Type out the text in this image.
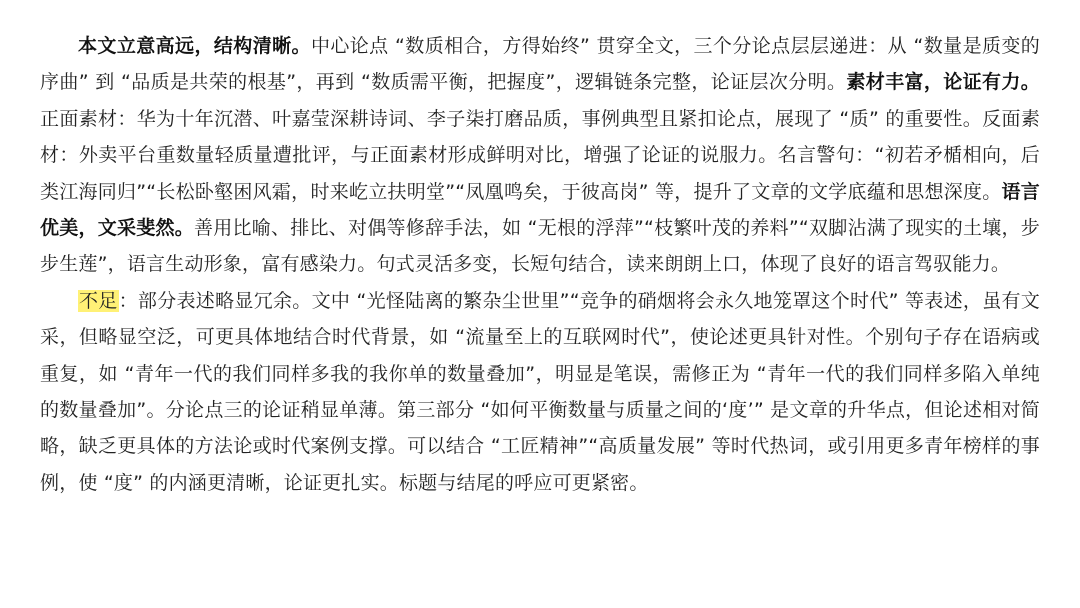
本文立意高远，结构清晰。中心论点 “数质相合，方得始终” 贯穿全文，三个分论点层层递进：从 “数量是质变的序曲” 到 “品质是共荣的根基”，再到 “数质需平衡，把握度”，逻辑链条完整，论证层次分明。素材丰富，论证有力。正面素材：华为十年沉潜、叶嘉莹深耕诗词、李子柒打磨品质，事例典型且紧扣论点，展现了 “质” 的重要性。反面素材：外卖平台重数量轻质量遭批评，与正面素材形成鲜明对比，增强了论证的说服力。名言警句：“初若矛楯相向，后类江海同归”“长松卧壑困风霜，时来屹立扶明堂”“凤凰鸣矣，于彼高岗” 等，提升了文章的文学底蕴和思想深度。语言优美，文采斐然。善用比喻、排比、对偶等修辞手法，如 “无根的浮萍”“枝繁叶茂的养料”“双脚沾满了现实的土壤，步步生莲”，语言生动形象，富有感染力。句式灵活多变，长短句结合，读来朗朗上口，体现了良好的语言驾驭能力。

不足：部分表述略显冗余。文中 “光怪陆离的繁杂尘世里”“竞争的硝烟将会永久地笼罩这个时代” 等表述，虽有文采，但略显空泛，可更具体地结合时代背景，如 “流量至上的互联网时代”，使论述更具针对性。个别句子存在语病或重复，如 “青年一代的我们同样多我的我你单的数量叠加”，明显是笔误，需修正为 “青年一代的我们同样多陷入单纯的数量叠加”。分论点三的论证稍显单薄。第三部分 “如何平衡数量与质量之间的‘度’” 是文章的升华点，但论述相对简略，缺乏更具体的方法论或时代案例支撑。可以结合 “工匠精神”“高质量发展” 等时代热词，或引用更多青年榜样的事例，使 “度” 的内涵更清晰，论证更扎实。标题与结尾的呼应可更紧密。
